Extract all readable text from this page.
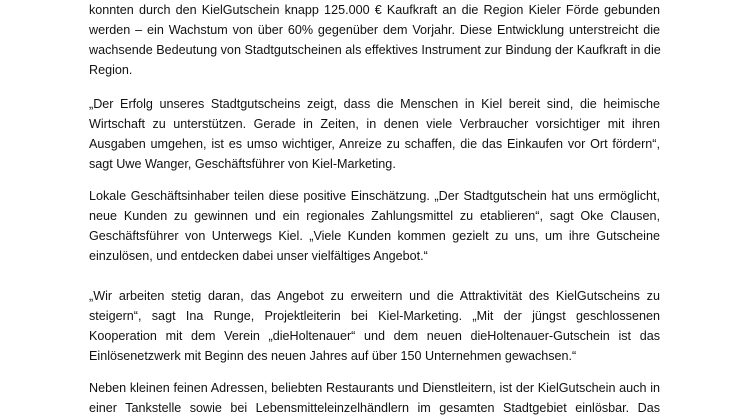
konnten durch den KielGutschein knapp 125.000 € Kaufkraft an die Region Kieler Förde gebunden
werden – ein Wachstum von über 60% gegenüber dem Vorjahr. Diese Entwicklung unterstreicht die
wachsende Bedeutung von Stadtgutscheinen als effektives Instrument zur Bindung der Kaufkraft in die
Region.
„Der Erfolg unseres Stadtgutscheins zeigt, dass die Menschen in Kiel bereit sind, die heimische
Wirtschaft zu unterstützen. Gerade in Zeiten, in denen viele Verbraucher vorsichtiger mit ihren
Ausgaben umgehen, ist es umso wichtiger, Anreize zu schaffen, die das Einkaufen vor Ort fördern“,
sagt Uwe Wanger, Geschäftsführer von Kiel-Marketing.
Lokale Geschäftsinhaber teilen diese positive Einschätzung. „Der Stadtgutschein hat uns ermöglicht,
neue Kunden zu gewinnen und ein regionales Zahlungsmittel zu etablieren“, sagt Oke Clausen,
Geschäftsführer von Unterwegs Kiel. „Viele Kunden kommen gezielt zu uns, um ihre Gutscheine
einzulösen, und entdecken dabei unser vielfältiges Angebot.“
„Wir arbeiten stetig daran, das Angebot zu erweitern und die Attraktivität des KielGutscheins zu
steigern“, sagt Ina Runge, Projektleiterin bei Kiel-Marketing. „Mit der jüngst geschlossenen
Kooperation mit dem Verein „dieHoltenauer“ und dem neuen dieHoltenauer-Gutschein ist das
Einlösenetzwerk mit Beginn des neuen Jahres auf über 150 Unternehmen gewachsen.“
Neben kleinen feinen Adressen, beliebten Restaurants und Dienstleitern, ist der KielGutschein auch in
einer Tankstelle sowie bei Lebensmitteleinzelhändlern im gesamten Stadtgebiet einlösbar. Das
